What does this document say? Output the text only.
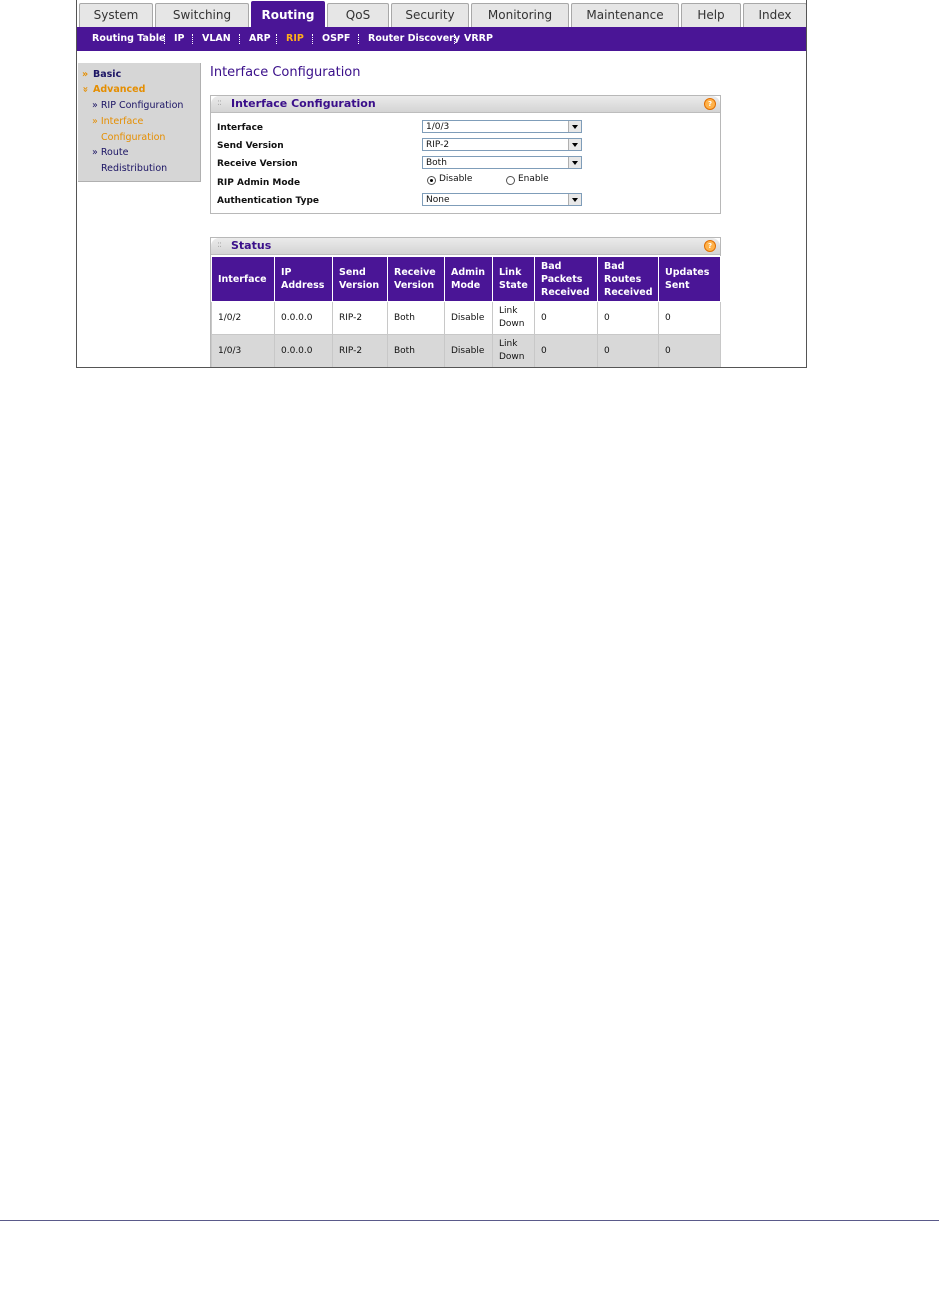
System	Switching	Routing	QoS	Security	Monitoring	Maintenance	Help	Index
Routing Table IP VLAN ARP RIP OSPF Router Discovery VRRP
» Basic
» Advanced
» RIP Configuration
» Interface
Configuration
» Route
Redistribution
Interface Configuration
:: Interface Configuration	?
Interface	1/0/3
Send Version	RIP-2
Receive Version	Both
RIP Admin Mode	Disable	Enable
Authentication Type	None
:: Status	?
Interface	IP Address	Send Version	Receive Version	Admin Mode	Link State	Bad Packets Received	Bad Routes Received	Updates Sent
1/0/2	0.0.0.0	RIP-2	Both	Disable	Link Down	0	0	0
1/0/3	0.0.0.0	RIP-2	Both	Disable	Link Down	0	0	0
